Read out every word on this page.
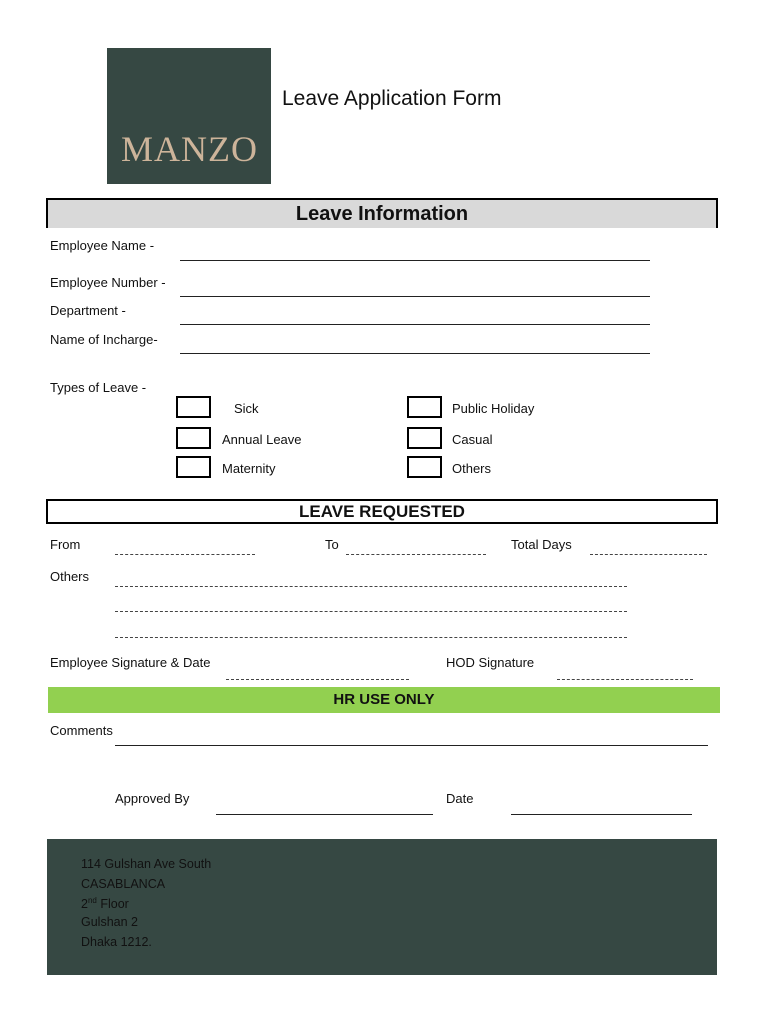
MANZO
Leave Application Form
Leave Information
Employee Name -
Employee Number -
Department -
Name of Incharge-
Types of Leave -
Sick	Public Holiday
Annual Leave	Casual
Maternity	Others
LEAVE REQUESTED
From	To	Total Days
Others
Employee Signature & Date	HOD Signature
HR USE ONLY
Comments
Approved By	Date
114 Gulshan Ave South
CASABLANCA
2nd Floor
Gulshan 2
Dhaka 1212.
